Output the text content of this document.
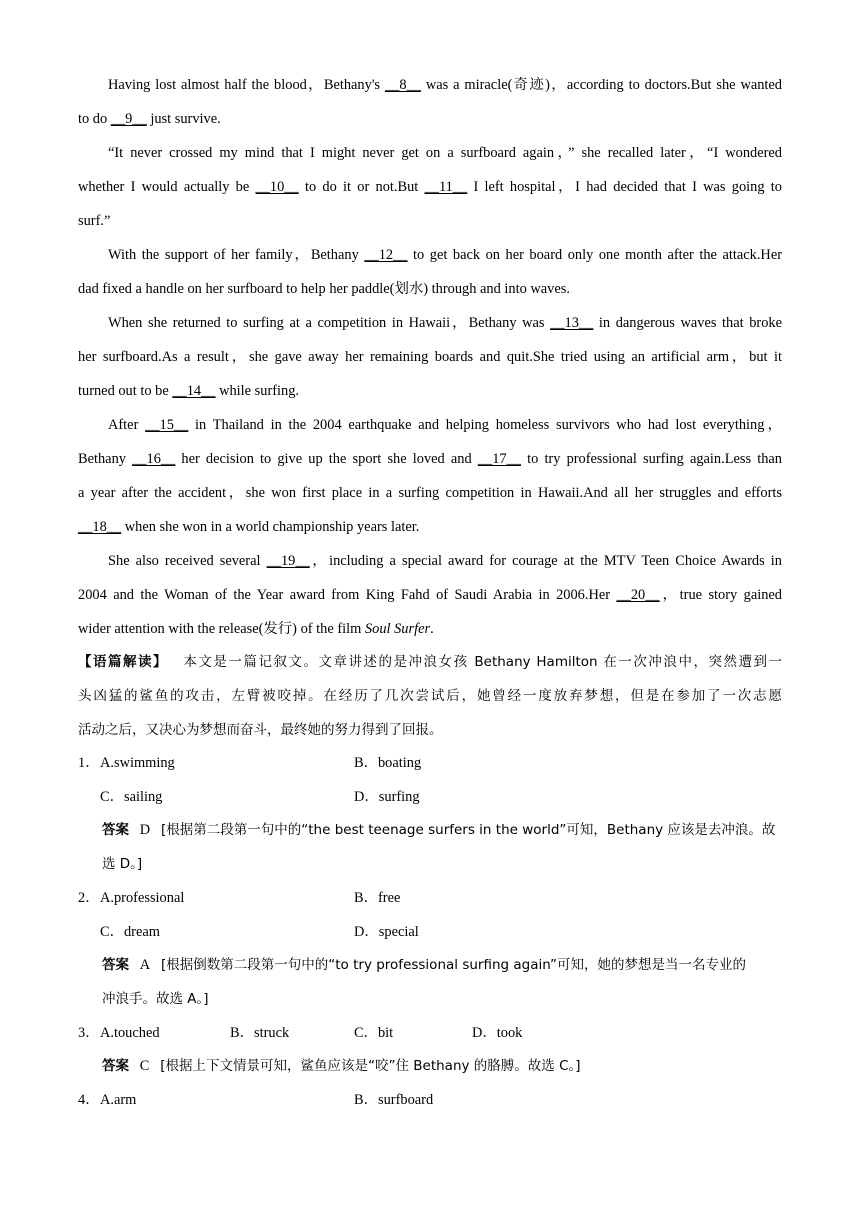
Having lost almost half the blood，Bethany's __8__ was a miracle(奇迹)，according to doctors.But she wanted
to do __9__ just survive.
“It never crossed my mind that I might never get on a surfboard again，” she recalled later，“I wondered
whether I would actually be __10__ to do it or not.But __11__ I left hospital，I had decided that I was going to
surf.”
With the support of her family，Bethany __12__ to get back on her board only one month after the attack.Her
dad fixed a handle on her surfboard to help her paddle(划水) through and into waves.
When she returned to surfing at a competition in Hawaii，Bethany was __13__ in dangerous waves that broke
her surfboard.As a result，she gave away her remaining boards and quit.She tried using an artificial arm，but it
turned out to be __14__ while surfing.
After __15__ in Thailand in the 2004 earthquake and helping homeless survivors who had lost everything，
Bethany __16__ her decision to give up the sport she loved and __17__ to try professional surfing again.Less than
a year after the accident，she won first place in a surfing competition in Hawaii.And all her struggles and efforts
__18__ when she won in a world championship years later.
She also received several __19__，including a special award for courage at the MTV Teen Choice Awards in
2004 and the Woman of the Year award from King Fahd of Saudi Arabia in 2006.Her __20__，true story gained
wider attention with the release(发行) of the film Soul Surfer.
【语篇解读】 本文是一篇记叙文。文章讲述的是冲浪女孩 Bethany Hamilton 在一次冲浪中，突然遭到一
头凶猛的鲨鱼的攻击，左臂被咬掉。在经历了几次尝试后，她曾经一度放弃梦想，但是在参加了一次志愿
活动之后，又决心为梦想而奋斗，最终她的努力得到了回报。
1． A.swimming	B．boating
C．sailing	D．surfing
答案 D [根据第二段第一句中的“the best teenage surfers in the world”可知，Bethany 应该是去冲浪。故
选 D。]
2． A.professional	B．free
C．dream	D．special
答案 A [根据倒数第二段第一句中的“to try professional surfing again”可知，她的梦想是当一名专业的
冲浪手。故选 A。]
3． A.touched	B．struck	C．bit	D．took
答案 C [根据上下文情景可知，鲨鱼应该是“咬”住 Bethany 的胳膊。故选 C。]
4． A.arm	B．surfboard
